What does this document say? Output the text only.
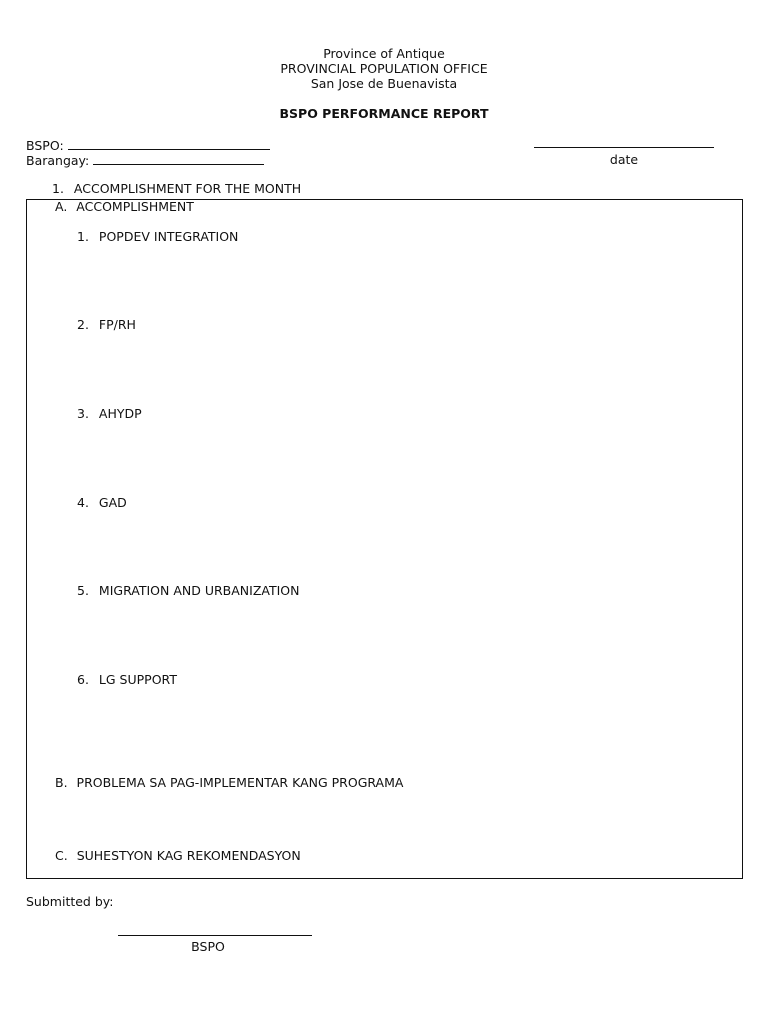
Province of Antique
PROVINCIAL POPULATION OFFICE
San Jose de Buenavista
BSPO PERFORMANCE REPORT
BSPO:
Barangay:	date
1. ACCOMPLISHMENT FOR THE MONTH
A. ACCOMPLISHMENT
1. POPDEV INTEGRATION
2. FP/RH
3. AHYDP
4. GAD
5. MIGRATION AND URBANIZATION
6. LG SUPPORT
B. PROBLEMA SA PAG-IMPLEMENTAR KANG PROGRAMA
C. SUHESTYON KAG REKOMENDASYON
Submitted by:
BSPO
